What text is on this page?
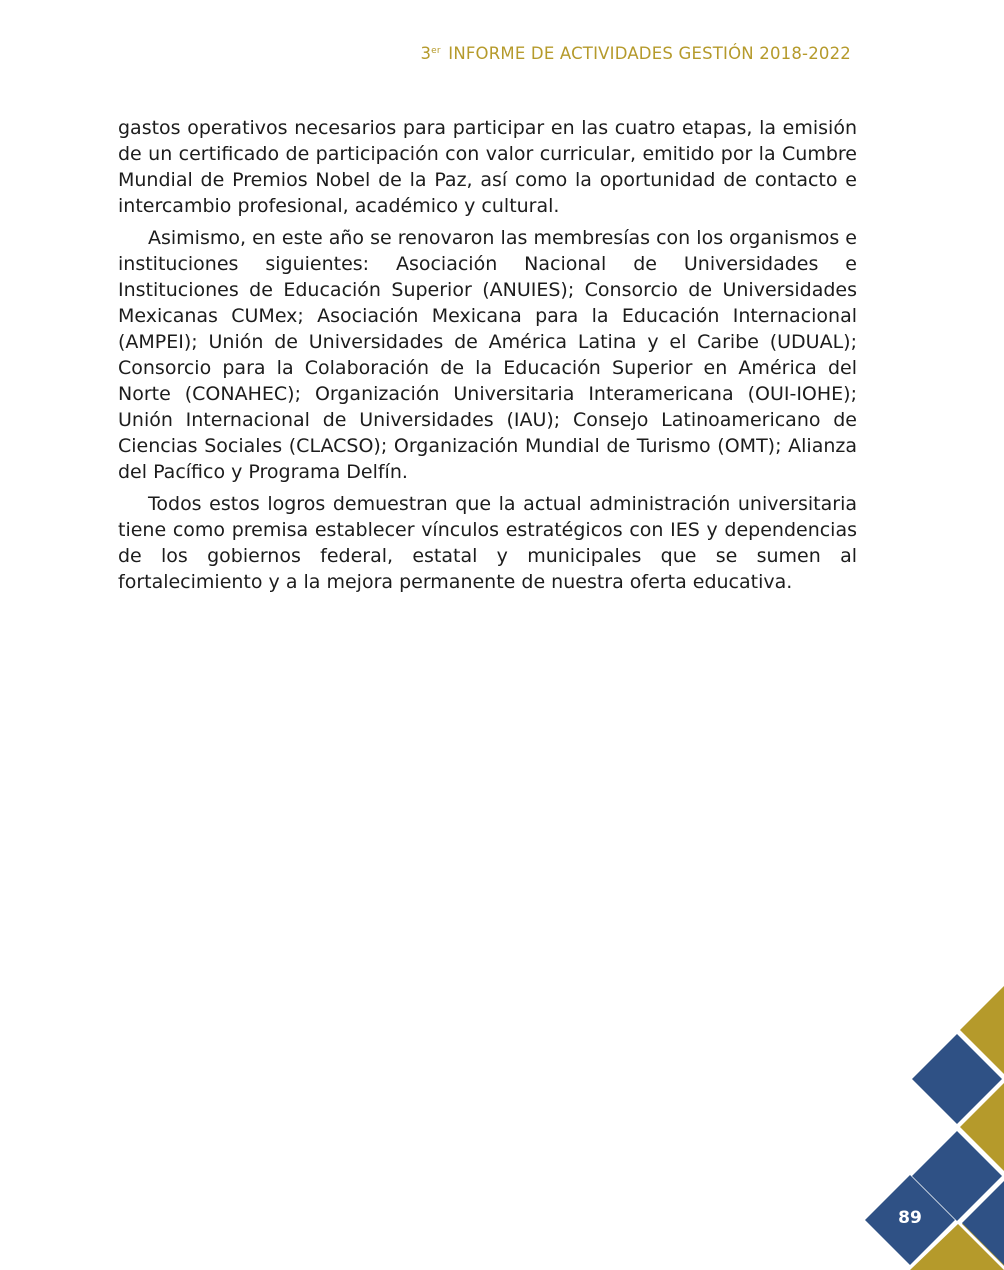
3er INFORME DE ACTIVIDADES GESTIÓN 2018-2022

gastos operativos necesarios para participar en las cuatro etapas, la emisión de un certificado de participación con valor curricular, emitido por la Cumbre Mundial de Premios Nobel de la Paz, así como la oportunidad de contacto e intercambio profesional, académico y cultural.

Asimismo, en este año se renovaron las membresías con los organismos e instituciones siguientes: Asociación Nacional de Universidades e Instituciones de Educación Superior (ANUIES); Consorcio de Universidades Mexicanas CUMex; Asociación Mexicana para la Educación Internacional (AMPEI); Unión de Universidades de América Latina y el Caribe (UDUAL); Consorcio para la Colaboración de la Educación Superior en América del Norte (CONAHEC); Organización Universitaria Interamericana (OUI-IOHE); Unión Internacional de Universidades (IAU); Consejo Latinoamericano de Ciencias Sociales (CLACSO); Organización Mundial de Turismo (OMT); Alianza del Pacífico y Programa Delfín.

Todos estos logros demuestran que la actual administración universitaria tiene como premisa establecer vínculos estratégicos con IES y dependencias de los gobiernos federal, estatal y municipales que se sumen al fortalecimiento y a la mejora permanente de nuestra oferta educativa.

89
